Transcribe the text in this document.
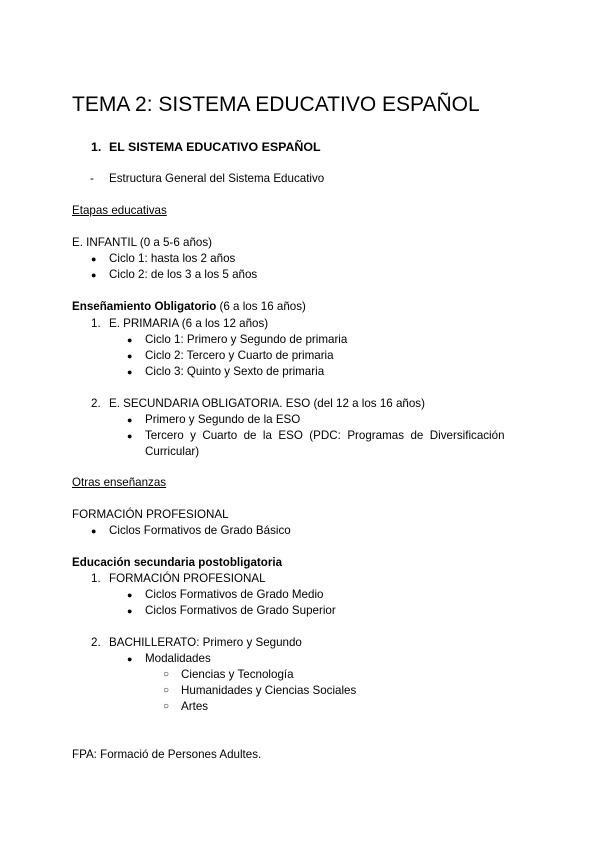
TEMA 2: SISTEMA EDUCATIVO ESPAÑOL
1. EL SISTEMA EDUCATIVO ESPAÑOL
- Estructura General del Sistema Educativo
Etapas educativas
E. INFANTIL (0 a 5-6 años)
● Ciclo 1: hasta los 2 años
● Ciclo 2: de los 3 a los 5 años
Enseñamiento Obligatorio (6 a los 16 años)
1. E. PRIMARIA (6 a los 12 años)
● Ciclo 1: Primero y Segundo de primaria
● Ciclo 2: Tercero y Cuarto de primaria
● Ciclo 3: Quinto y Sexto de primaria
2. E. SECUNDARIA OBLIGATORIA. ESO (del 12 a los 16 años)
● Primero y Segundo de la ESO
● Tercero  y  Cuarto  de  la  ESO  (PDC:  Programas  de  Diversificación
Curricular)
Otras enseñanzas
FORMACIÓN PROFESIONAL
● Ciclos Formativos de Grado Básico
Educación secundaria postobligatoria
1. FORMACIÓN PROFESIONAL
● Ciclos Formativos de Grado Medio
● Ciclos Formativos de Grado Superior
2. BACHILLERATO: Primero y Segundo
● Modalidades
○ Ciencias y Tecnología
○ Humanidades y Ciencias Sociales
○ Artes
FPA: Formació de Persones Adultes.
